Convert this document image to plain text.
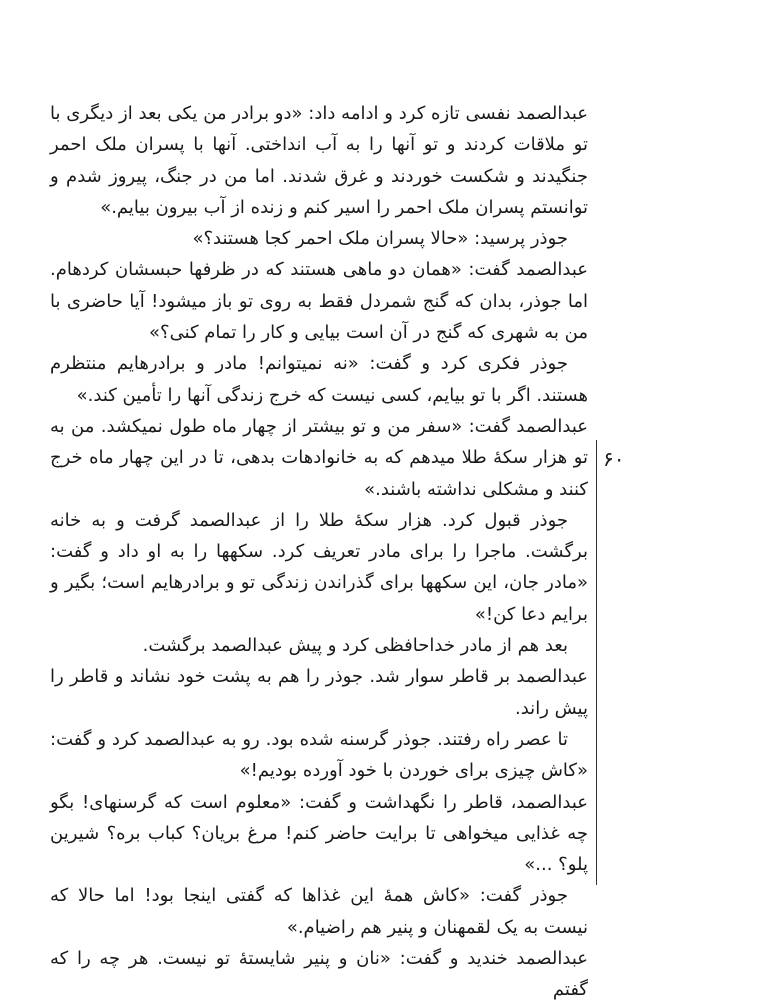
عبدالصمد نفسی تازه کرد و ادامه داد: «دو برادر من یکی بعد از دیگری با تو ملاقات کردند و تو آنها را به آب انداختی. آنها با پسران ملک احمر جنگیدند و شکست خوردند و غرق شدند. اما من در جنگ، پیروز شدم و توانستم پسران ملک احمر را اسیر کنم و زنده از آب بیرون بیایم.»

جوذر پرسید: «حالا پسران ملک احمر کجا هستند؟»

عبدالصمد گفت: «همان دو ماهی هستند که در ظرفها حبسشان کردهام. اما جوذر، بدان که گنج شمردل فقط به روی تو باز میشود! آیا حاضری با من به شهری که گنج در آن است بیایی و کار را تمام کنی؟»

جوذر فکری کرد و گفت: «نه نمیتوانم! مادر و برادرهایم منتظرم هستند. اگر با تو بیایم، کسی نیست که خرج زندگی آنها را تأمین کند.»

عبدالصمد گفت: «سفر من و تو بیشتر از چهار ماه طول نمیکشد. من به تو هزار سکۀ طلا میدهم که به خانوادهات بدهی، تا در این چهار ماه خرج کنند و مشکلی نداشته باشند.»

جوذر قبول کرد. هزار سکۀ طلا را از عبدالصمد گرفت و به خانه برگشت. ماجرا را برای مادر تعریف کرد. سکهها را به او داد و گفت: «مادر جان، این سکهها برای گذراندن زندگی تو و برادرهایم است؛ بگیر و برایم دعا کن!»

بعد هم از مادر خداحافظی کرد و پیش عبدالصمد برگشت.

عبدالصمد بر قاطر سوار شد. جوذر را هم به پشت خود نشاند و قاطر را پیش راند.

تا عصر راه رفتند. جوذر گرسنه شده بود. رو به عبدالصمد کرد و گفت: «کاش چیزی برای خوردن با خود آورده بودیم!»

عبدالصمد، قاطر را نگهداشت و گفت: «معلوم است که گرسنهای! بگو چه غذایی میخواهی تا برایت حاضر کنم! مرغ بریان؟ کباب بره؟ شیرین پلو؟ ...»

جوذر گفت: «کاش همۀ این غذاها که گفتی اینجا بود! اما حالا که نیست به یک لقمهنان و پنیر هم راضیام.»

عبدالصمد خندید و گفت: «نان و پنیر شایستۀ تو نیست. هر چه را که گفتم

۶۰
